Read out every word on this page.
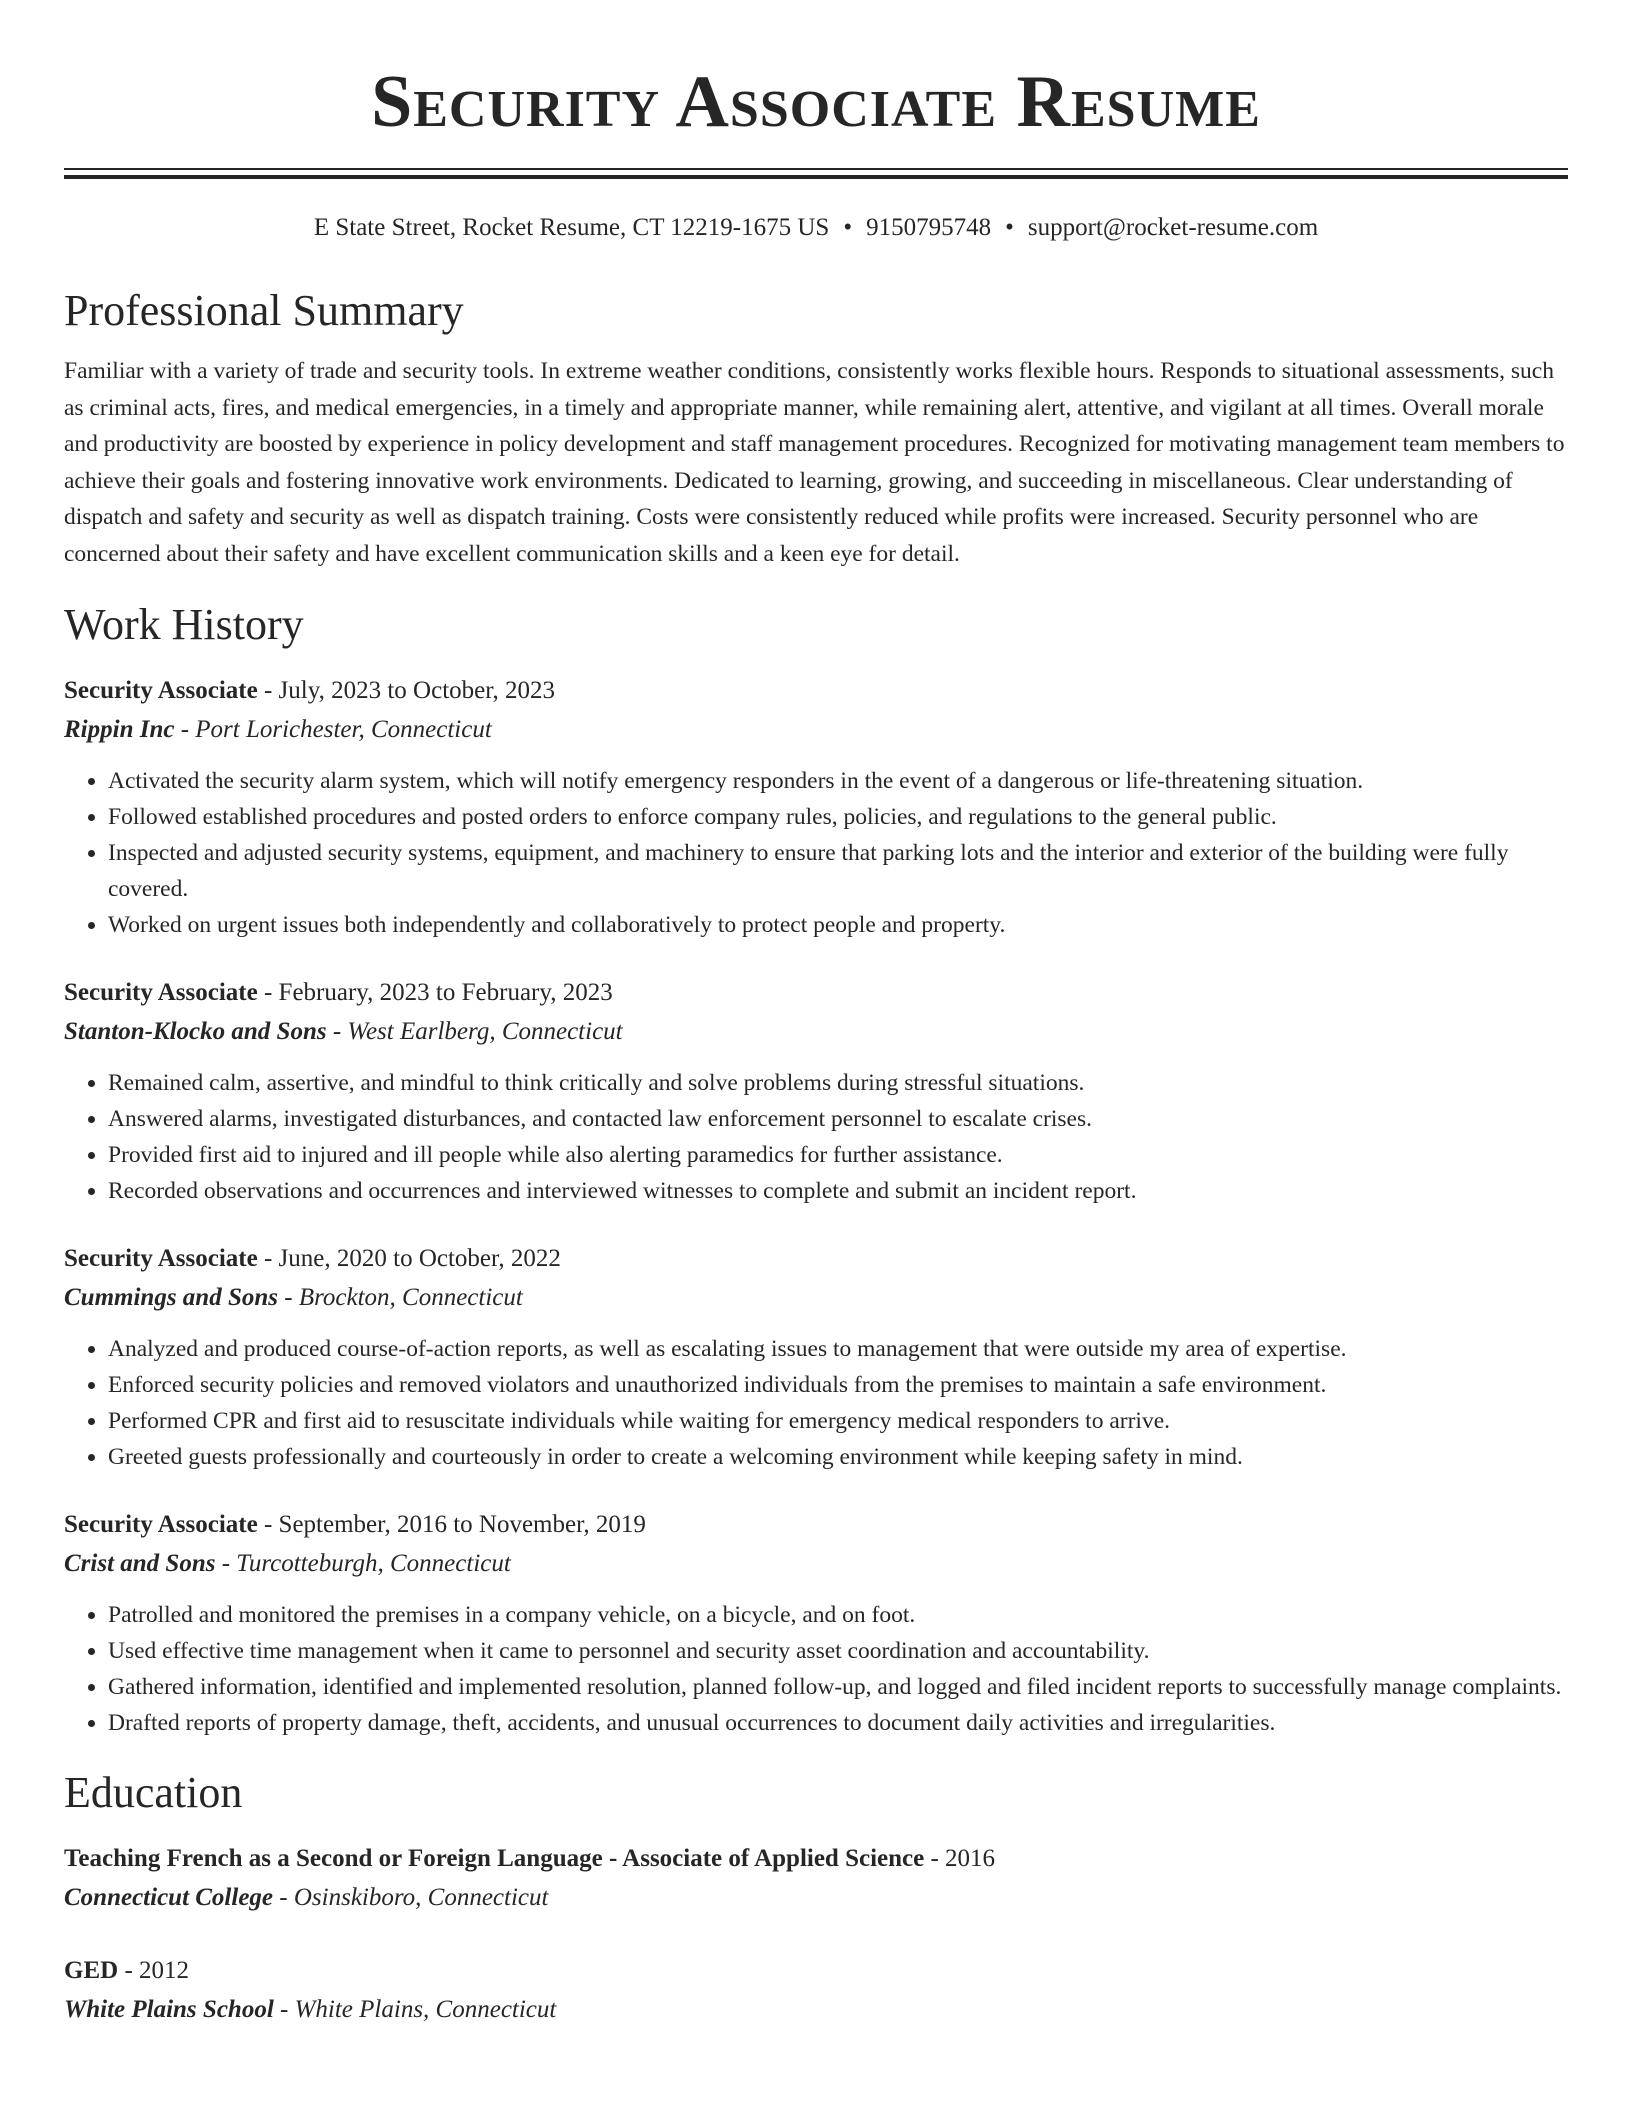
Security Associate Resume
E State Street, Rocket Resume, CT 12219-1675 US • 9150795748 • support@rocket-resume.com
Professional Summary
Familiar with a variety of trade and security tools. In extreme weather conditions, consistently works flexible hours. Responds to situational assessments, such as criminal acts, fires, and medical emergencies, in a timely and appropriate manner, while remaining alert, attentive, and vigilant at all times. Overall morale and productivity are boosted by experience in policy development and staff management procedures. Recognized for motivating management team members to achieve their goals and fostering innovative work environments. Dedicated to learning, growing, and succeeding in miscellaneous. Clear understanding of dispatch and safety and security as well as dispatch training. Costs were consistently reduced while profits were increased. Security personnel who are concerned about their safety and have excellent communication skills and a keen eye for detail.
Work History
Security Associate - July, 2023 to October, 2023
Rippin Inc - Port Lorichester, Connecticut
• Activated the security alarm system, which will notify emergency responders in the event of a dangerous or life-threatening situation.
• Followed established procedures and posted orders to enforce company rules, policies, and regulations to the general public.
• Inspected and adjusted security systems, equipment, and machinery to ensure that parking lots and the interior and exterior of the building were fully covered.
• Worked on urgent issues both independently and collaboratively to protect people and property.
Security Associate - February, 2023 to February, 2023
Stanton-Klocko and Sons - West Earlberg, Connecticut
• Remained calm, assertive, and mindful to think critically and solve problems during stressful situations.
• Answered alarms, investigated disturbances, and contacted law enforcement personnel to escalate crises.
• Provided first aid to injured and ill people while also alerting paramedics for further assistance.
• Recorded observations and occurrences and interviewed witnesses to complete and submit an incident report.
Security Associate - June, 2020 to October, 2022
Cummings and Sons - Brockton, Connecticut
• Analyzed and produced course-of-action reports, as well as escalating issues to management that were outside my area of expertise.
• Enforced security policies and removed violators and unauthorized individuals from the premises to maintain a safe environment.
• Performed CPR and first aid to resuscitate individuals while waiting for emergency medical responders to arrive.
• Greeted guests professionally and courteously in order to create a welcoming environment while keeping safety in mind.
Security Associate - September, 2016 to November, 2019
Crist and Sons - Turcotteburgh, Connecticut
• Patrolled and monitored the premises in a company vehicle, on a bicycle, and on foot.
• Used effective time management when it came to personnel and security asset coordination and accountability.
• Gathered information, identified and implemented resolution, planned follow-up, and logged and filed incident reports to successfully manage complaints.
• Drafted reports of property damage, theft, accidents, and unusual occurrences to document daily activities and irregularities.
Education
Teaching French as a Second or Foreign Language - Associate of Applied Science - 2016
Connecticut College - Osinskiboro, Connecticut
GED - 2012
White Plains School - White Plains, Connecticut
